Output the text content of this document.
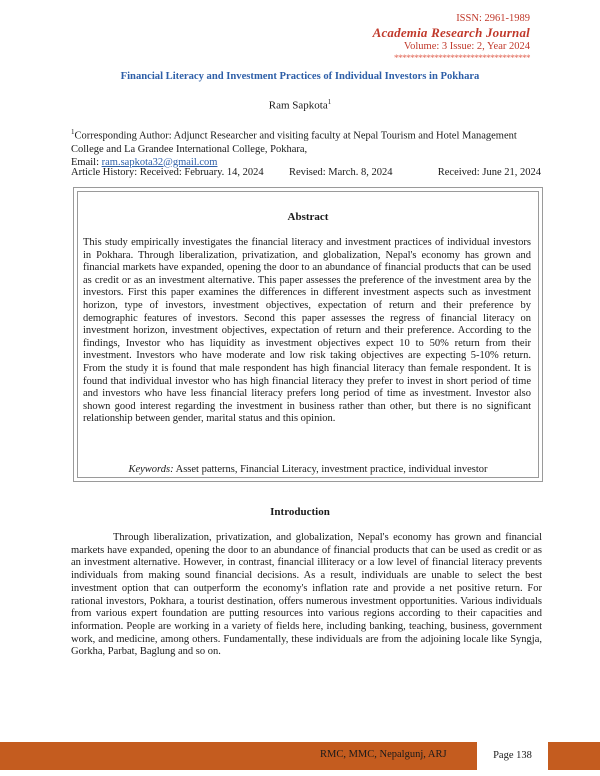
ISSN: 2961-1989
Academia Research Journal
Volume: 3 Issue: 2, Year 2024
**********************************
Financial Literacy and Investment Practices of Individual Investors in Pokhara
Ram Sapkota$^1$
$^1$Corresponding Author: Adjunct Researcher and visiting faculty at Nepal Tourism and Hotel Management College and La Grandee International College, Pokhara,
Email: ram.sapkota32@gmail.com
Article History: Received: February. 14, 2024 Revised: March. 8, 2024	Received: June 21, 2024
Abstract
This study empirically investigates the financial literacy and investment practices of individual investors in Pokhara. Through liberalization, privatization, and globalization, Nepal's economy has grown and financial markets have expanded, opening the door to an abundance of financial products that can be used as credit or as an investment alternative. This paper assesses the preference of the investment area by the investors. First this paper examines the differences in different investment aspects such as investment horizon, type of investors, investment objectives, expectation of return and their preference by demographic features of investors. Second this paper assesses the regress of financial literacy on investment horizon, investment objectives, expectation of return and their preference. According to the findings, Investor who has liquidity as investment objectives expect 10 to 50% return from their investment. Investors who have moderate and low risk taking objectives are expecting 5-10% return. From the study it is found that male respondent has high financial literacy than female respondent. It is found that individual investor who has high financial literacy they prefer to invest in short period of time and investors who have less financial literacy prefers long period of time as investment. Investor also shown good interest regarding the investment in business rather than other, but there is no significant relationship between gender, marital status and this opinion.
Keywords: Asset patterns, Financial Literacy, investment practice, individual investor
Introduction
Through liberalization, privatization, and globalization, Nepal's economy has grown and financial markets have expanded, opening the door to an abundance of financial products that can be used as credit or as an investment alternative. However, in contrast, financial illiteracy or a low level of financial literacy prevents individuals from making sound financial decisions. As a result, individuals are unable to select the best investment option that can outperform the economy's inflation rate and provide a net positive return. For rational investors, Pokhara, a tourist destination, offers numerous investment opportunities. Various individuals from various expert foundation are putting resources into various regions according to their capacities and information. People are working in a variety of fields here, including banking, teaching, business, government work, and medicine, among others. Fundamentally, these individuals are from the adjoining locale like Syngja, Gorkha, Parbat, Baglung and so on.
RMC, MMC, Nepalgunj, ARJ	Page 138
